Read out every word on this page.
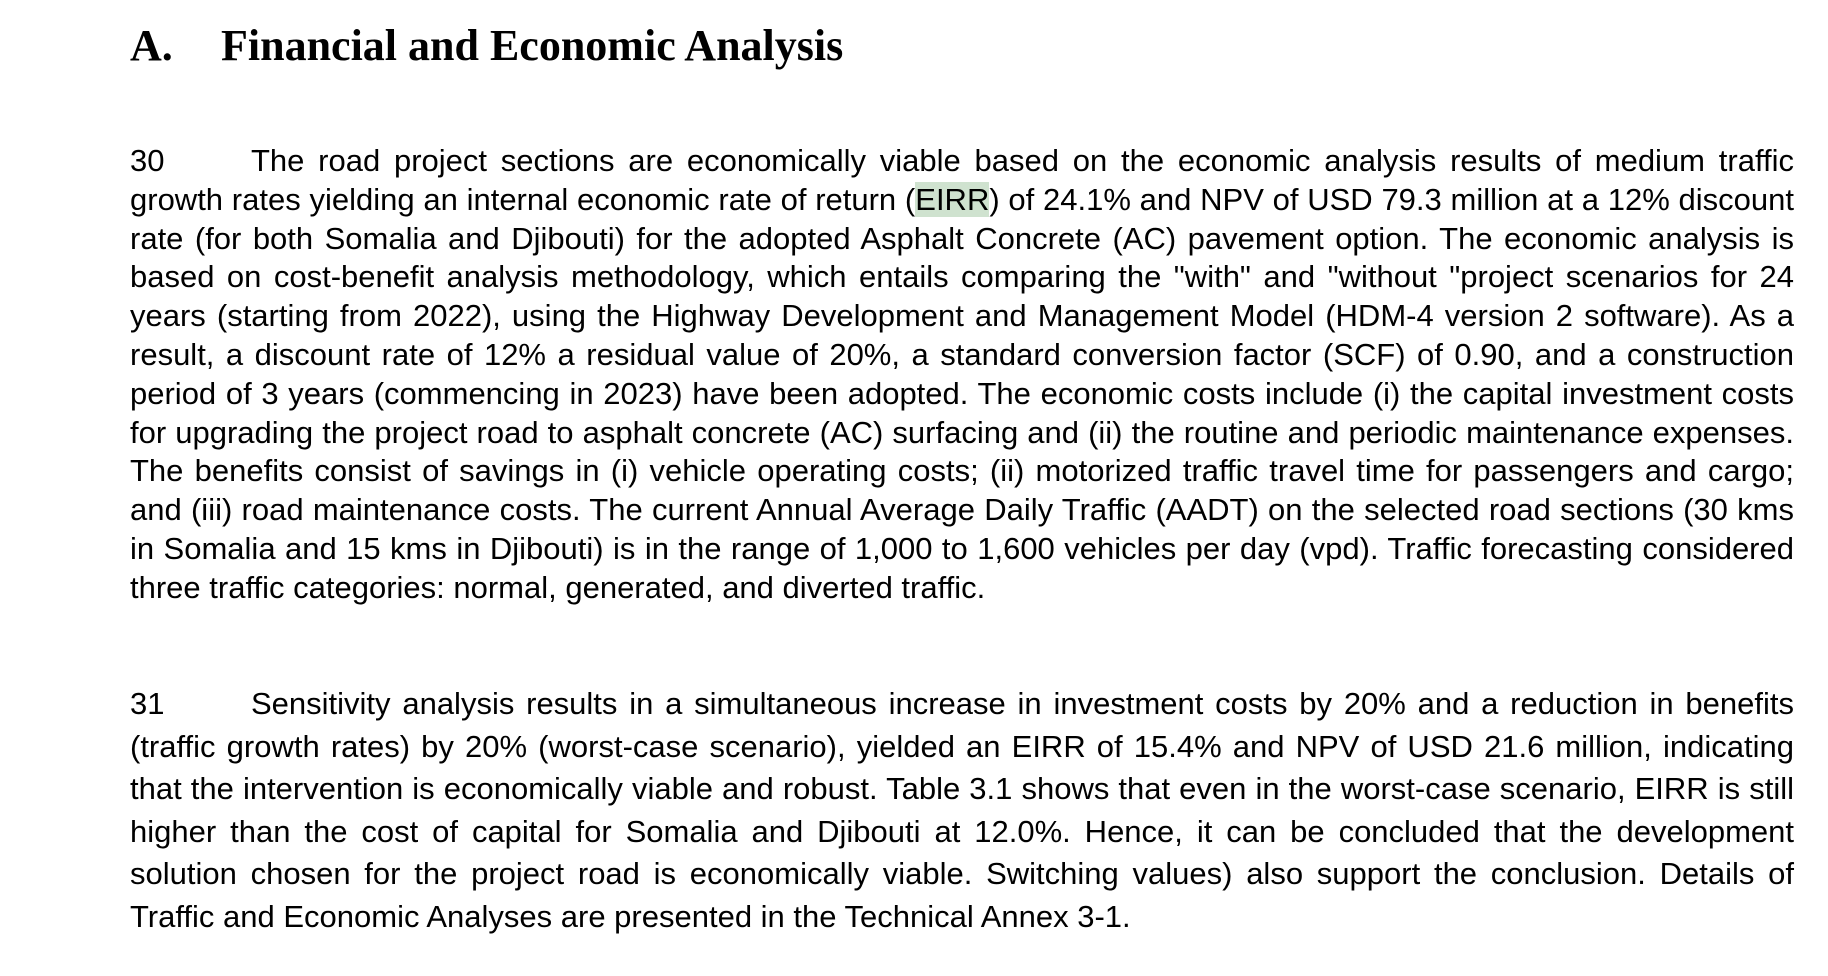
A. Financial and Economic Analysis

30	The road project sections are economically viable based on the economic analysis results of medium traffic growth rates yielding an internal economic rate of return (EIRR) of 24.1% and NPV of USD 79.3 million at a 12% discount rate (for both Somalia and Djibouti) for the adopted Asphalt Concrete (AC) pavement option. The economic analysis is based on cost-benefit analysis methodology, which entails comparing the "with" and "without "project scenarios for 24 years (starting from 2022), using the Highway Development and Management Model (HDM-4 version 2 software). As a result, a discount rate of 12% a residual value of 20%, a standard conversion factor (SCF) of 0.90, and a construction period of 3 years (commencing in 2023) have been adopted. The economic costs include (i) the capital investment costs for upgrading the project road to asphalt concrete (AC) surfacing and (ii) the routine and periodic maintenance expenses. The benefits consist of savings in (i) vehicle operating costs; (ii) motorized traffic travel time for passengers and cargo; and (iii) road maintenance costs. The current Annual Average Daily Traffic (AADT) on the selected road sections (30 kms in Somalia and 15 kms in Djibouti) is in the range of 1,000 to 1,600 vehicles per day (vpd). Traffic forecasting considered three traffic categories: normal, generated, and diverted traffic.

31	Sensitivity analysis results in a simultaneous increase in investment costs by 20% and a reduction in benefits (traffic growth rates) by 20% (worst-case scenario), yielded an EIRR of 15.4% and NPV of USD 21.6 million, indicating that the intervention is economically viable and robust. Table 3.1 shows that even in the worst-case scenario, EIRR is still higher than the cost of capital for Somalia and Djibouti at 12.0%. Hence, it can be concluded that the development solution chosen for the project road is economically viable. Switching values) also support the conclusion. Details of Traffic and Economic Analyses are presented in the Technical Annex 3-1.
